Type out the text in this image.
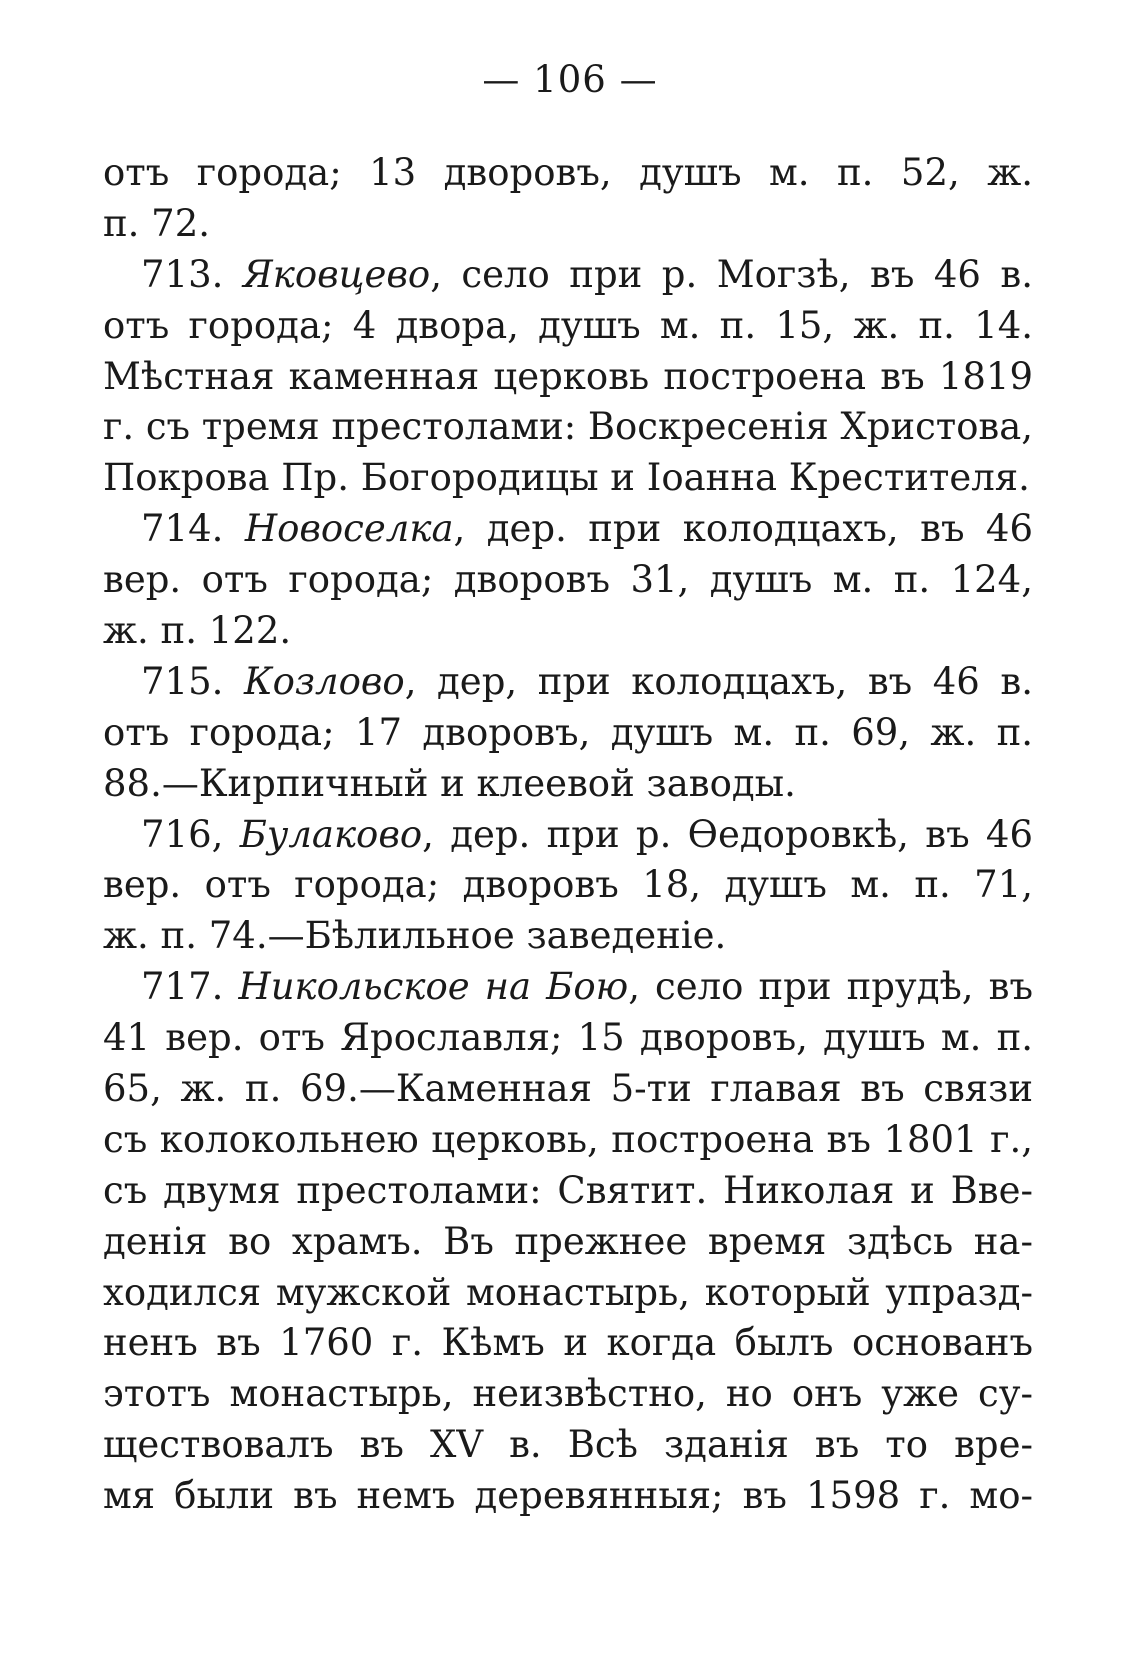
— 106 —
отъ города; 13 дворовъ, душъ м. п. 52, ж.
п. 72.
713. Яковцево, село при р. Могзѣ, въ 46 в.
отъ города; 4 двора, душъ м. п. 15, ж. п. 14.
Мѣстная каменная церковь построена въ 1819
г. съ тремя престолами: Воскресенія Христова,
Покрова Пр. Богородицы и Іоанна Крестителя.
714. Новоселка, дер. при колодцахъ, въ 46
вер. отъ города; дворовъ 31, душъ м. п. 124,
ж. п. 122.
715. Козлово, дер, при колодцахъ, въ 46 в.
отъ города; 17 дворовъ, душъ м. п. 69, ж. п.
88.—Кирпичный и клеевой заводы.
716, Булаково, дер. при р. Ѳедоровкѣ, въ 46
вер. отъ города; дворовъ 18, душъ м. п. 71,
ж. п. 74.—Бѣлильное заведеніе.
717. Никольское на Бою, село при прудѣ, въ
41 вер. отъ Ярославля; 15 дворовъ, душъ м. п.
65, ж. п. 69.—Каменная 5-ти главая въ связи
съ колокольнею церковь, построена въ 1801 г.,
съ двумя престолами: Святит. Николая и Вве-
денія во храмъ. Въ прежнее время здѣсь на-
ходился мужской монастырь, который упразд-
ненъ въ 1760 г. Кѣмъ и когда былъ основанъ
этотъ монастырь, неизвѣстно, но онъ уже су-
ществовалъ въ XV в. Всѣ зданія въ то вре-
мя были въ немъ деревянныя; въ 1598 г. мо-
